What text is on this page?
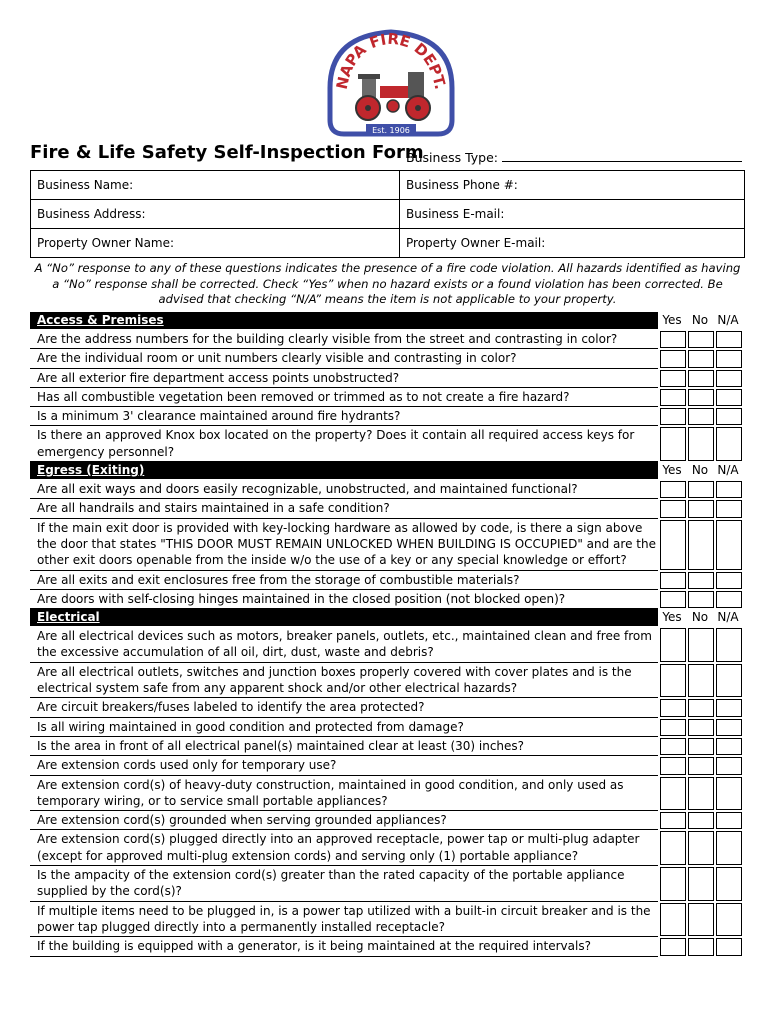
NAPA FIRE DEPT.
Est. 1906
Fire & Life Safety Self-Inspection Form
Business Type:
Business Name:	Business Phone #:
Business Address:	Business E-mail:
Property Owner Name:	Property Owner E-mail:
A “No” response to any of these questions indicates the presence of a fire code violation. All hazards identified as having a “No” response shall be corrected. Check “Yes” when no hazard exists or a found violation has been corrected. Be advised that checking “N/A” means the item is not applicable to your property.
Access & Premises	Yes No N/A
Are the address numbers for the building clearly visible from the street and contrasting in color?
Are the individual room or unit numbers clearly visible and contrasting in color?
Are all exterior fire department access points unobstructed?
Has all combustible vegetation been removed or trimmed as to not create a fire hazard?
Is a minimum 3' clearance maintained around fire hydrants?
Is there an approved Knox box located on the property? Does it contain all required access keys for emergency personnel?
Egress (Exiting)	Yes No N/A
Are all exit ways and doors easily recognizable, unobstructed, and maintained functional?
Are all handrails and stairs maintained in a safe condition?
If the main exit door is provided with key-locking hardware as allowed by code, is there a sign above the door that states "THIS DOOR MUST REMAIN UNLOCKED WHEN BUILDING IS OCCUPIED" and are the other exit doors openable from the inside w/o the use of a key or any special knowledge or effort?
Are all exits and exit enclosures free from the storage of combustible materials?
Are doors with self-closing hinges maintained in the closed position (not blocked open)?
Electrical	Yes No N/A
Are all electrical devices such as motors, breaker panels, outlets, etc., maintained clean and free from the excessive accumulation of all oil, dirt, dust, waste and debris?
Are all electrical outlets, switches and junction boxes properly covered with cover plates and is the electrical system safe from any apparent shock and/or other electrical hazards?
Are circuit breakers/fuses labeled to identify the area protected?
Is all wiring maintained in good condition and protected from damage?
Is the area in front of all electrical panel(s) maintained clear at least (30) inches?
Are extension cords used only for temporary use?
Are extension cord(s) of heavy-duty construction, maintained in good condition, and only used as temporary wiring, or to service small portable appliances?
Are extension cord(s) grounded when serving grounded appliances?
Are extension cord(s) plugged directly into an approved receptacle, power tap or multi-plug adapter (except for approved multi-plug extension cords) and serving only (1) portable appliance?
Is the ampacity of the extension cord(s) greater than the rated capacity of the portable appliance supplied by the cord(s)?
If multiple items need to be plugged in, is a power tap utilized with a built-in circuit breaker and is the power tap plugged directly into a permanently installed receptacle?
If the building is equipped with a generator, is it being maintained at the required intervals?
